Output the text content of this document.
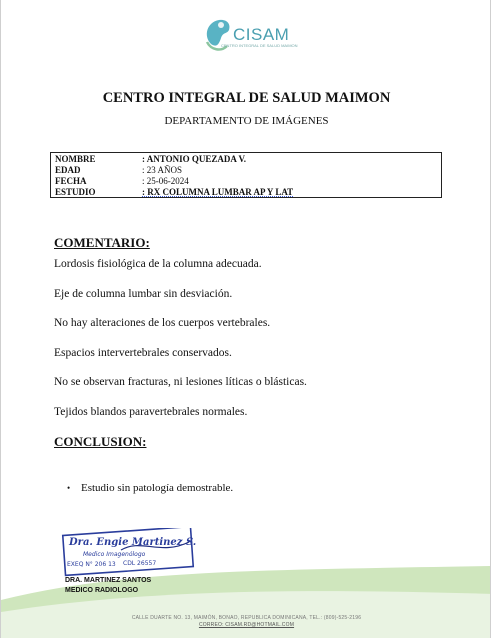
CISAM
CENTRO INTEGRAL DE SALUD MAIMON
CENTRO INTEGRAL DE SALUD MAIMON
DEPARTAMENTO DE IMÁGENES
NOMBRE	: ANTONIO QUEZADA V.
EDAD	: 23 AÑOS
FECHA	: 25-06-2024
ESTUDIO	: RX COLUMNA LUMBAR AP Y LAT
COMENTARIO:
Lordosis fisiológica de la columna adecuada.
Eje de columna lumbar sin desviación.
No hay alteraciones de los cuerpos vertebrales.
Espacios intervertebrales conservados.
No se observan fracturas, ni lesiones líticas o blásticas.
Tejidos blandos paravertebrales normales.
CONCLUSION:
• Estudio sin patología demostrable.
Dra. Engie Martinez S.
Medico Imagenólogo
EXEQ N° 206 13 CDL 26557
DRA. MARTINEZ SANTOS
MEDICO RADIOLOGO
CALLE DUARTE NO. 13, MAIMÓN, BONAO, REPUBLICA DOMINICANA, TEL.: (809)-525-2196
CORREO: CISAM.RD@HOTMAIL.COM
